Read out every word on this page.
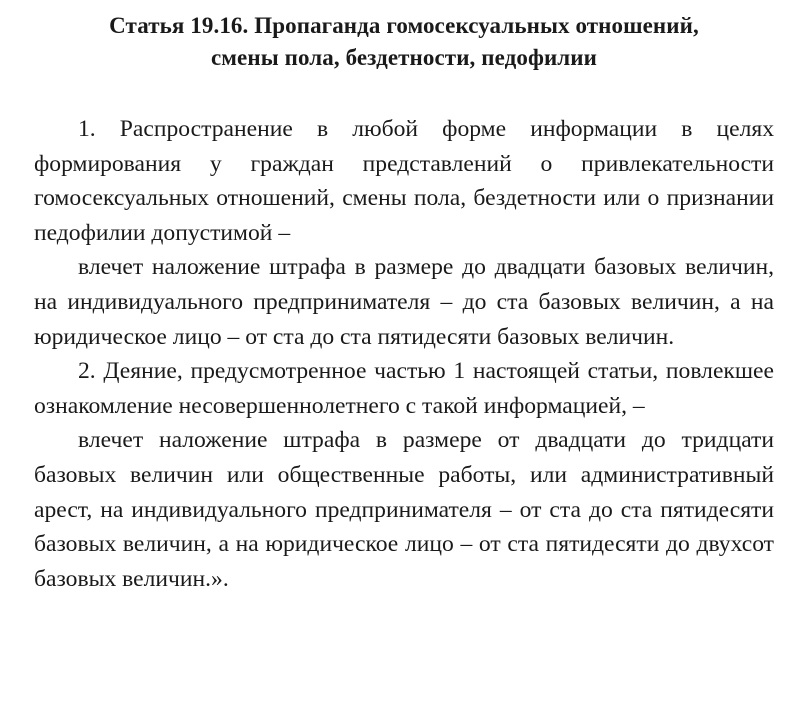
Статья 19.16. Пропаганда гомосексуальных отношений,
смены пола, бездетности, педофилии

1. Распространение в любой форме информации в целях формирования у граждан представлений о привлекательности гомосексуальных отношений, смены пола, бездетности или о признании педофилии допустимой –

влечет наложение штрафа в размере до двадцати базовых величин, на индивидуального предпринимателя – до ста базовых величин, а на юридическое лицо – от ста до ста пятидесяти базовых величин.

2. Деяние, предусмотренное частью 1 настоящей статьи, повлекшее ознакомление несовершеннолетнего с такой информацией, –

влечет наложение штрафа в размере от двадцати до тридцати базовых величин или общественные работы, или административный арест, на индивидуального предпринимателя – от ста до ста пятидесяти базовых величин, а на юридическое лицо – от ста пятидесяти до двухсот базовых величин.».
